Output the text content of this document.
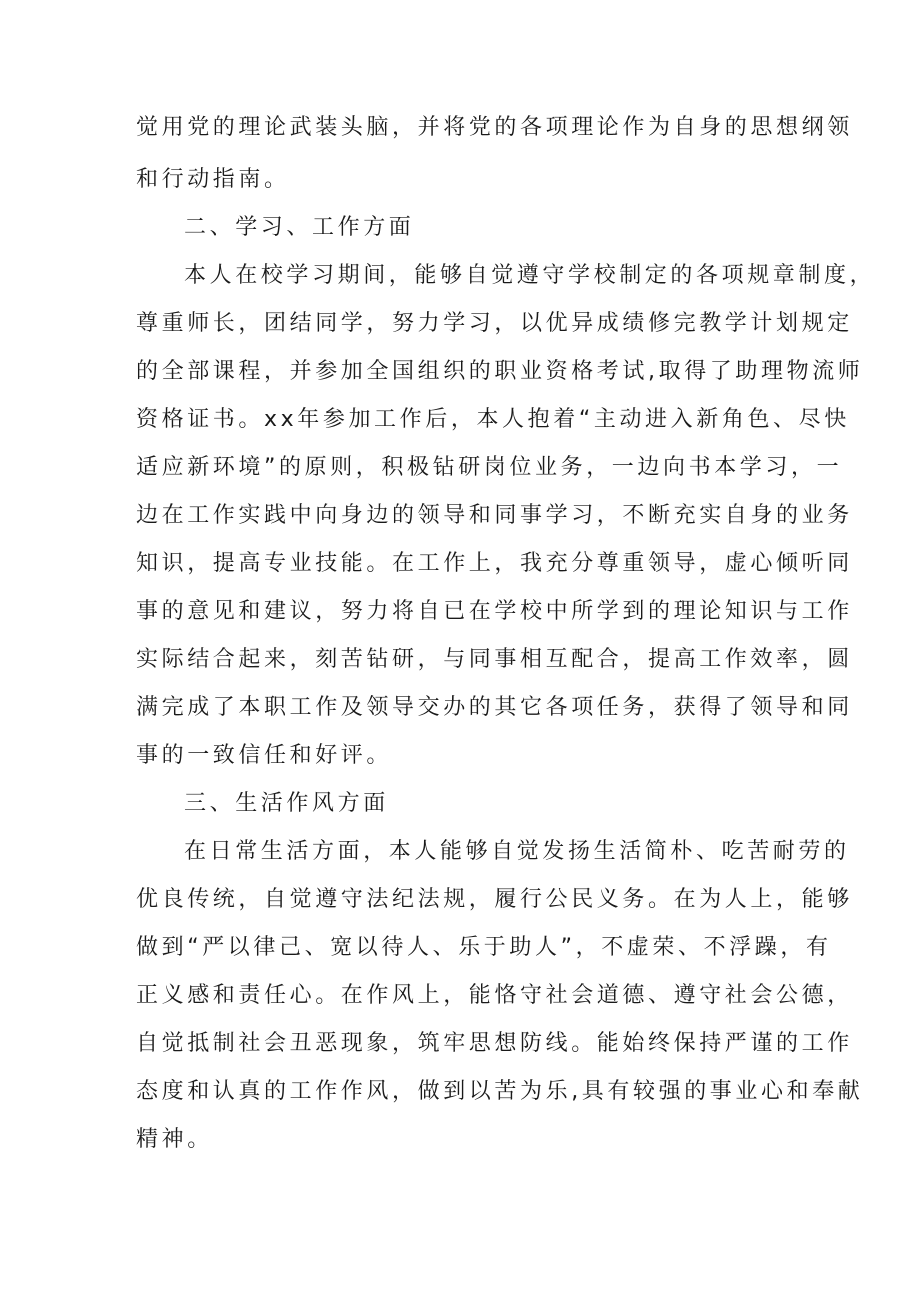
觉用党的理论武装头脑，并将党的各项理论作为自身的思想纲领

和行动指南。

二、学习、工作方面

本人在校学习期间，能够自觉遵守学校制定的各项规章制度，

尊重师长，团结同学，努力学习，以优异成绩修完教学计划规定

的全部课程，并参加全国组织的职业资格考试,取得了助理物流师

资格证书。xx年参加工作后，本人抱着“主动进入新角色、尽快

适应新环境”的原则，积极钻研岗位业务，一边向书本学习，一

边在工作实践中向身边的领导和同事学习，不断充实自身的业务

知识，提高专业技能。在工作上，我充分尊重领导，虚心倾听同

事的意见和建议，努力将自已在学校中所学到的理论知识与工作

实际结合起来，刻苦钻研，与同事相互配合，提高工作效率，圆

满完成了本职工作及领导交办的其它各项任务，获得了领导和同

事的一致信任和好评。

三、生活作风方面

在日常生活方面，本人能够自觉发扬生活简朴、吃苦耐劳的

优良传统，自觉遵守法纪法规，履行公民义务。在为人上，能够

做到“严以律己、宽以待人、乐于助人”，不虚荣、不浮躁，有

正义感和责任心。在作风上，能恪守社会道德、遵守社会公德，

自觉抵制社会丑恶现象，筑牢思想防线。能始终保持严谨的工作

态度和认真的工作作风，做到以苦为乐,具有较强的事业心和奉献

精神。
